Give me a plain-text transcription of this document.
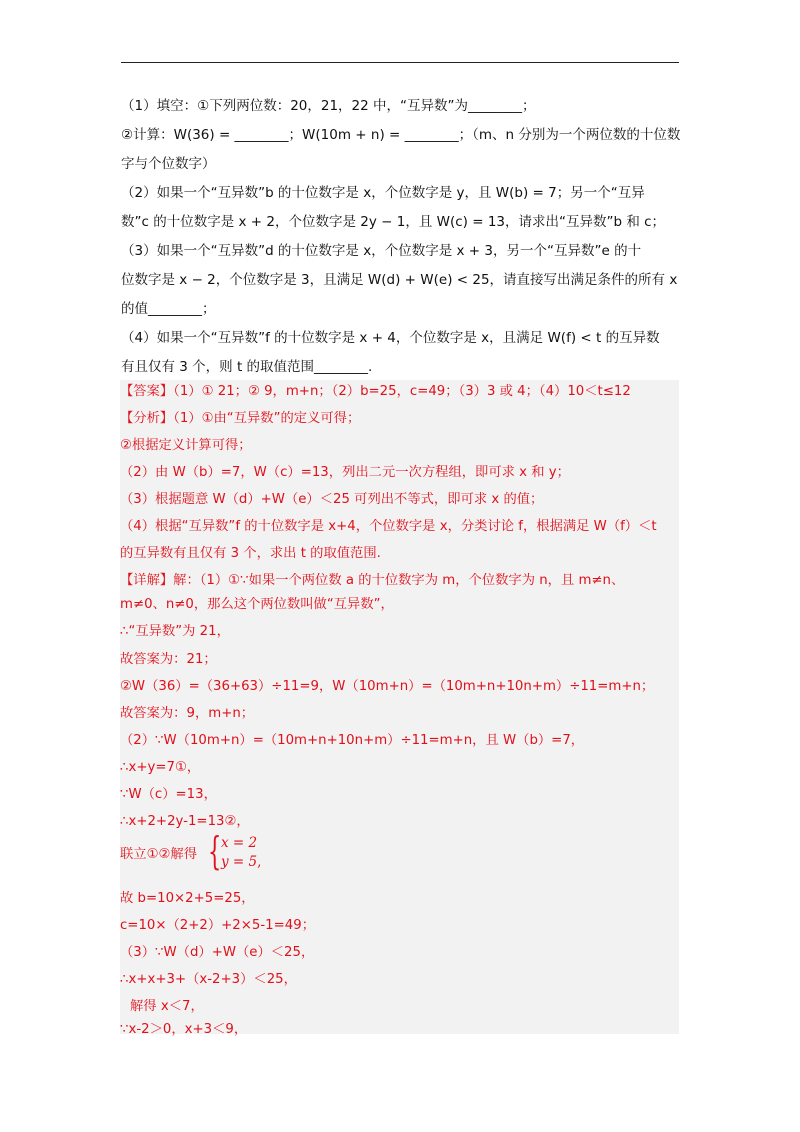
（1）填空：①下列两位数：20，21，22 中，“互异数”为________；
②计算：W(36) = ________；W(10m + n) = ________；（m、n 分别为一个两位数的十位数
字与个位数字）
（2）如果一个“互异数”b 的十位数字是 x，个位数字是 y，且 W(b) = 7；另一个“互异
数”c 的十位数字是 x + 2，个位数字是 2y − 1，且 W(c) = 13，请求出“互异数”b 和 c；
（3）如果一个“互异数”d 的十位数字是 x，个位数字是 x + 3，另一个“互异数”e 的十
位数字是 x − 2，个位数字是 3，且满足 W(d) + W(e) < 25，请直接写出满足条件的所有 x
的值________；
（4）如果一个“互异数”f 的十位数字是 x + 4，个位数字是 x，且满足 W(f) < t 的互异数
有且仅有 3 个，则 t 的取值范围________.
【答案】（1）① 21；② 9，m+n；（2）b=25，c=49；（3）3 或 4；（4）10＜t≤12
【分析】（1）①由“互异数”的定义可得；
②根据定义计算可得；
（2）由 W（b）=7，W（c）=13，列出二元一次方程组，即可求 x 和 y；
（3）根据题意 W（d）+W（e）＜25 可列出不等式，即可求 x 的值；
（4）根据“互异数”f 的十位数字是 x+4，个位数字是 x，分类讨论 f，根据满足 W（f）＜t
的互异数有且仅有 3 个，求出 t 的取值范围.
【详解】解：（1）①∵如果一个两位数 a 的十位数字为 m，个位数字为 n，且 m≠n、
m≠0、n≠0，那么这个两位数叫做“互异数”，
∴“互异数”为 21，
故答案为：21；
②W（36）=（36+63）÷11=9，W（10m+n）=（10m+n+10n+m）÷11=m+n；
故答案为：9，m+n；
（2）∵W（10m+n）=（10m+n+10n+m）÷11=m+n，且 W（b）=7，
∴x+y=7①，
∵W（c）=13，
∴x+2+2y-1=13②，
联立①②解得 { x = 2
y = 5,
故 b=10×2+5=25，
c=10×（2+2）+2×5-1=49；
（3）∵W（d）+W（e）＜25，
∴x+x+3+（x-2+3）＜25，
解得 x＜7，
∵x-2＞0，x+3＜9，
